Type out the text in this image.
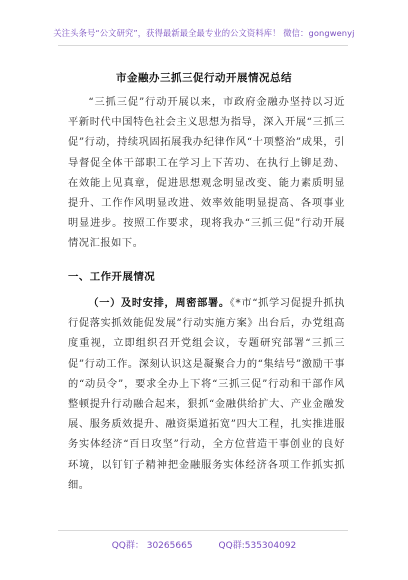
关注头条号“公文研究”，获得最新最全最专业的公文资料库！ 微信：gongwenyj
市金融办三抓三促行动开展情况总结

“三抓三促”行动开展以来，市政府金融办坚持以习近平新时代中国特色社会主义思想为指导，深入开展“三抓三促”行动，持续巩固拓展我办纪律作风“十项整治”成果，引导督促全体干部职工在学习上下苦功、在执行上铆足劲、在效能上见真章，促进思想观念明显改变、能力素质明显提升、工作作风明显改进、效率效能明显提高、各项事业明显进步。按照工作要求，现将我办“三抓三促”行动开展情况汇报如下。

一、工作开展情况

（一）及时安排，周密部署。《*市“抓学习促提升抓执行促落实抓效能促发展”行动实施方案》出台后，办党组高度重视，立即组织召开党组会议，专题研究部署“三抓三促”行动工作。深刻认识这是凝聚合力的“集结号”激励干事的“动员令”，要求全办上下将“三抓三促”行动和干部作风整顿提升行动融合起来，狠抓“金融供给扩大、产业金融发展、服务质效提升、融资渠道拓宽”四大工程，扎实推进服务实体经济“百日攻坚”行动，全方位营造干事创业的良好环境，以钉钉子精神把金融服务实体经济各项工作抓实抓细。

QQ群： 30265665	QQ群:535304092
